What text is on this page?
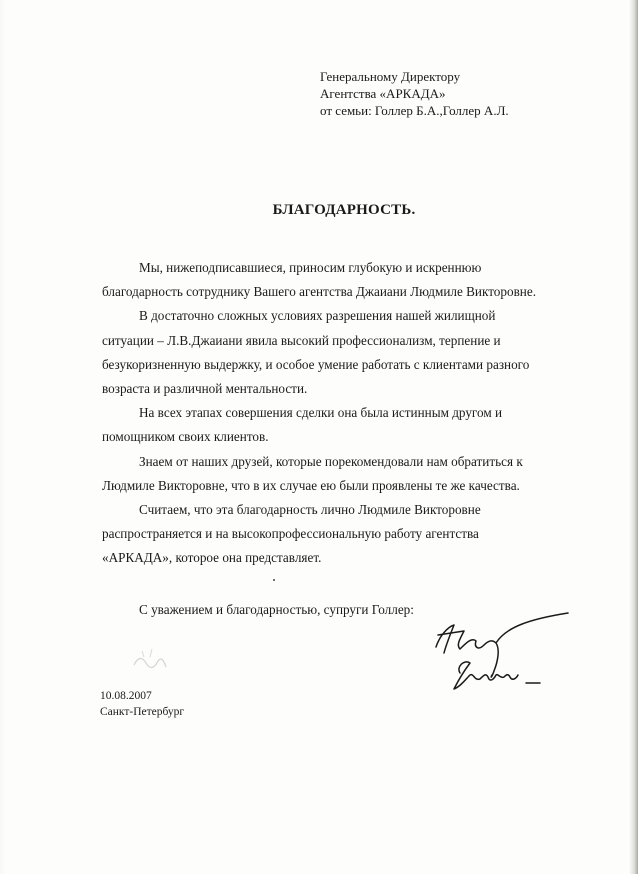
Генеральному Директору
Агентства «АРКАДА»
от семьи: Голлер Б.А.,Голлер А.Л.
БЛАГОДАРНОСТЬ.

Мы, нижеподписавшиеся, приносим глубокую и искреннюю
благодарность сотруднику Вашего агентства Джаиани Людмиле Викторовне.

В достаточно сложных условиях разрешения нашей жилищной
ситуации – Л.В.Джаиани явила высокий профессионализм, терпение и
безукоризненную выдержку, и особое умение работать с клиентами разного
возраста и различной ментальности.

На всех этапах совершения сделки она была истинным другом и
помощником своих клиентов.

Знаем от наших друзей, которые порекомендовали нам обратиться к
Людмиле Викторовне, что в их случае ею были проявлены те же качества.

Считаем, что эта благодарность лично Людмиле Викторовне
распространяется и на высокопрофессиональную работу агентства
«АРКАДА», которое она представляет.

С уважением и благодарностью, супруги Голлер:
10.08.2007
Санкт-Петербург
